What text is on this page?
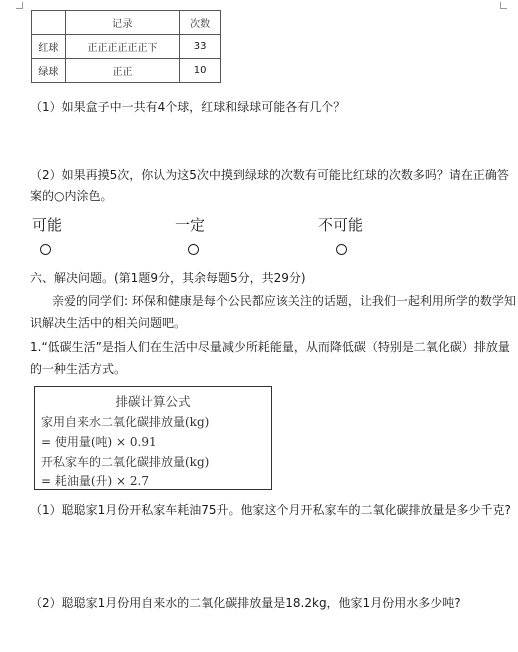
	记录	次数
红球	正正正正正正下	33
绿球	正正	10
（1）如果盒子中一共有4个球，红球和绿球可能各有几个？
（2）如果再摸5次，你认为这5次中摸到绿球的次数有可能比红球的次数多吗？请在正确答
案的○内涂色。
可能	一定	不可能
六、解决问题。(第1题9分，其余每题5分，共29分)
亲爱的同学们: 环保和健康是每个公民都应该关注的话题，让我们一起利用所学的数学知
识解决生活中的相关问题吧。
1.“低碳生活”是指人们在生活中尽量减少所耗能量，从而降低碳（特别是二氧化碳）排放量
的一种生活方式。
排碳计算公式
家用自来水二氧化碳排放量(kg)
= 使用量(吨) × 0.91
开私家车的二氧化碳排放量(kg)
= 耗油量(升) × 2.7
（1）聪聪家1月份开私家车耗油75升。他家这个月开私家车的二氧化碳排放量是多少千克?
（2）聪聪家1月份用自来水的二氧化碳排放量是18.2kg，他家1月份用水多少吨?
